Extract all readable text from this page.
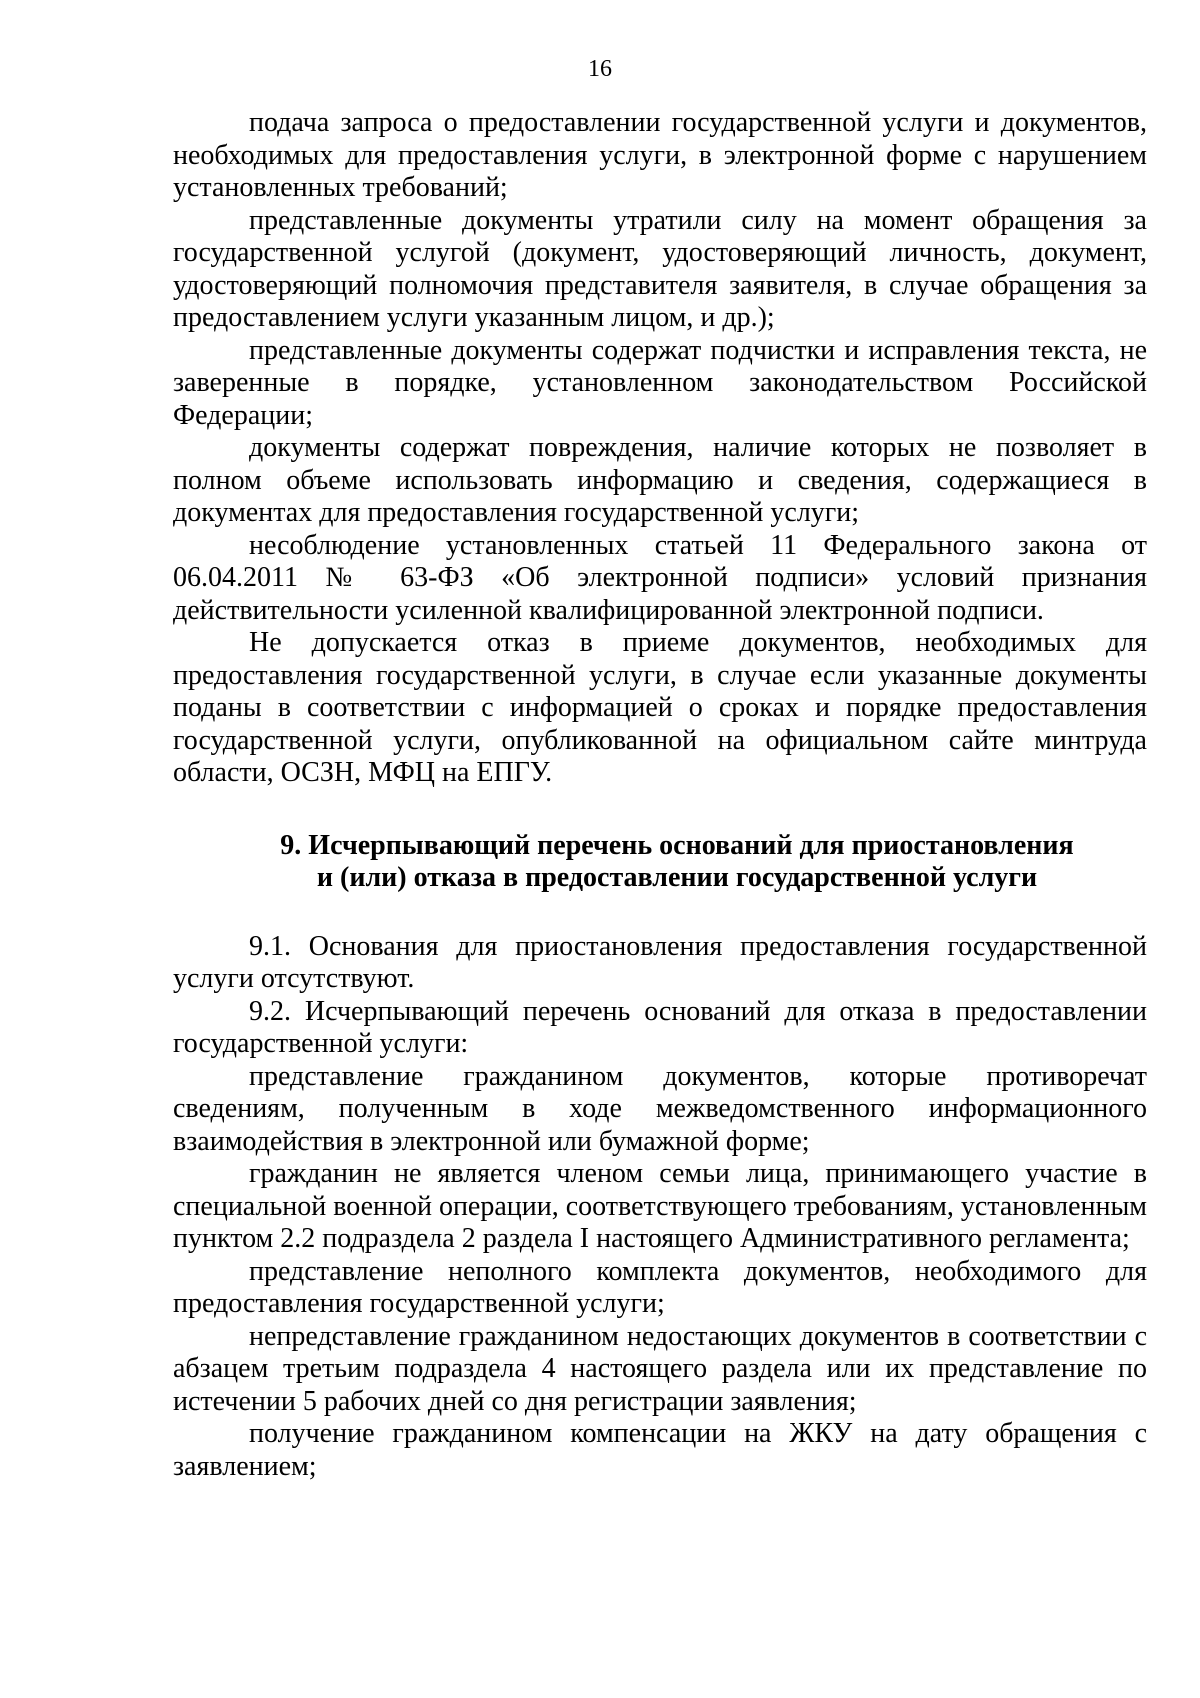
16

подача запроса о предоставлении государственной услуги и документов, необходимых для предоставления услуги, в электронной форме с нарушением установленных требований;

представленные документы утратили силу на момент обращения за государственной услугой (документ, удостоверяющий личность, документ, удостоверяющий полномочия представителя заявителя, в случае обращения за предоставлением услуги указанным лицом, и др.);

представленные документы содержат подчистки и исправления текста, не заверенные в порядке, установленном законодательством Российской Федерации;

документы содержат повреждения, наличие которых не позволяет в полном объеме использовать информацию и сведения, содержащиеся в документах для предоставления государственной услуги;

несоблюдение установленных статьей 11 Федерального закона от 06.04.2011 № 63-ФЗ «Об электронной подписи» условий признания действительности усиленной квалифицированной электронной подписи.

Не допускается отказ в приеме документов, необходимых для предоставления государственной услуги, в случае если указанные документы поданы в соответствии с информацией о сроках и порядке предоставления государственной услуги, опубликованной на официальном сайте минтруда области, ОСЗН, МФЦ на ЕПГУ.

9. Исчерпывающий перечень оснований для приостановления
и (или) отказа в предоставлении государственной услуги

9.1. Основания для приостановления предоставления государственной услуги отсутствуют.

9.2. Исчерпывающий перечень оснований для отказа в предоставлении государственной услуги:

представление гражданином документов, которые противоречат сведениям, полученным в ходе межведомственного информационного взаимодействия в электронной или бумажной форме;

гражданин не является членом семьи лица, принимающего участие в специальной военной операции, соответствующего требованиям, установленным пунктом 2.2 подраздела 2 раздела I настоящего Административного регламента;

представление неполного комплекта документов, необходимого для предоставления государственной услуги;

непредставление гражданином недостающих документов в соответствии с абзацем третьим подраздела 4 настоящего раздела или их представление по истечении 5 рабочих дней со дня регистрации заявления;

получение гражданином компенсации на ЖКУ на дату обращения с заявлением;
